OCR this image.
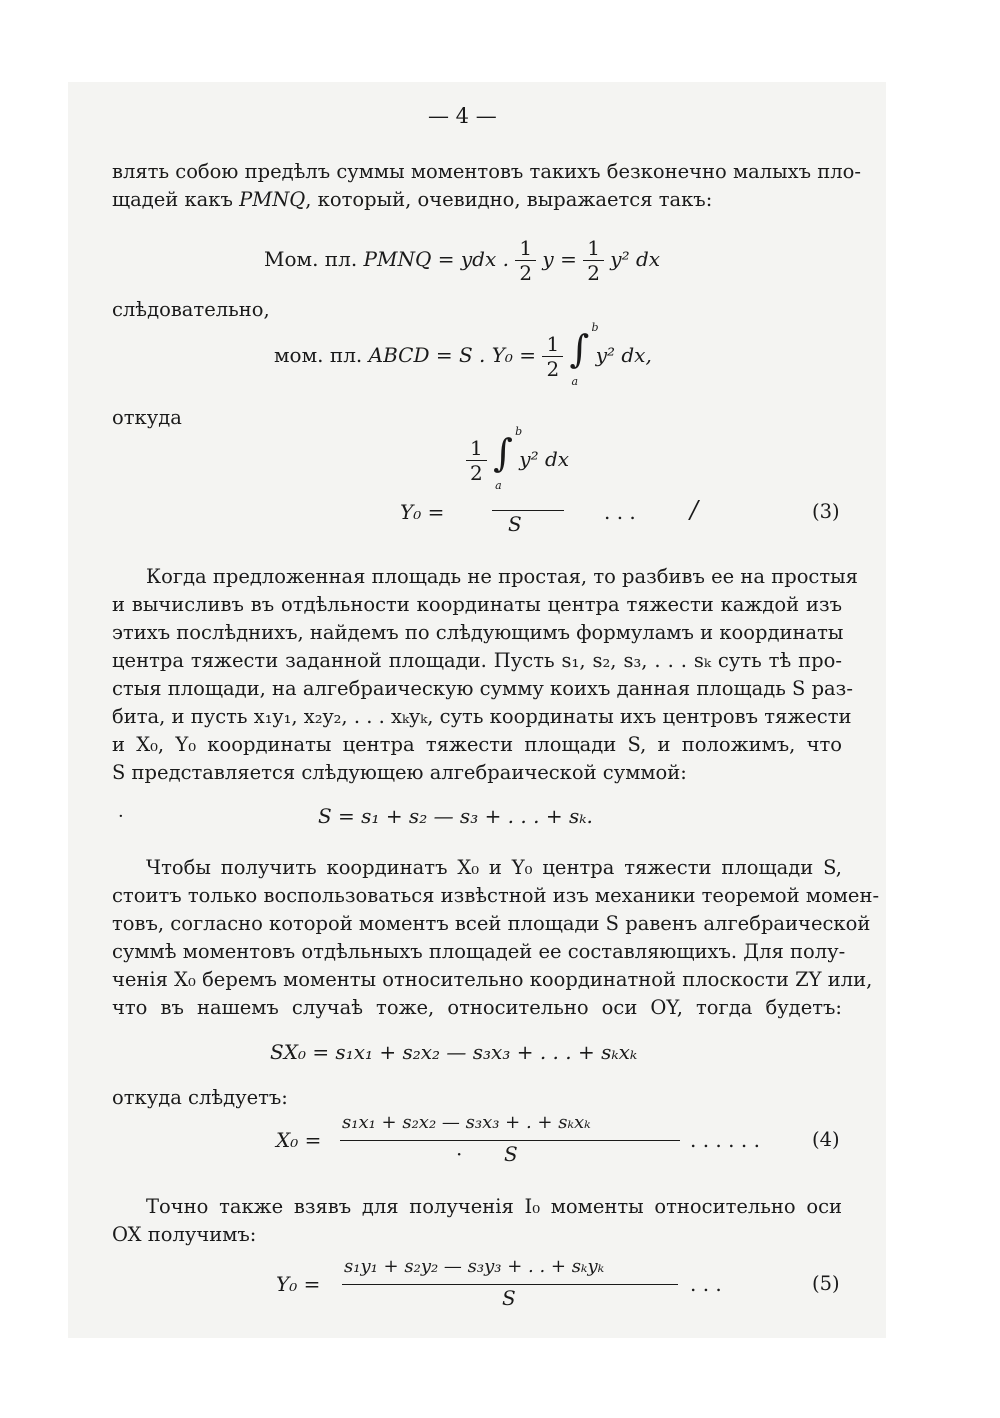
— 4 —
влять собою предѣлъ суммы моментовъ такихъ безконечно малыхъ пло-
щадей какъ PMNQ, который, очевидно, выражается такъ:
Мом. пл. PMNQ = ydx . $\frac{1}{2}$ $y = \frac{1}{2} y^2$ dx
слѣдовательно,
мом. пл. ABCD = S . $Y_0 = \frac{1}{2}$ ∫ b
a
y² dx,
откуда
Y₀ =
$\frac{1}{2}$ ∫ b
a
y² dx
S	. . . /	(3)
Когда предложенная площадь не простая, то разбивъ ее на простыя
и вычисливъ въ отдѣльности координаты центра тяжести каждой изъ
этихъ послѣднихъ, найдемъ по слѣдующимъ формуламъ и координаты
центра тяжести заданной площади. Пусть s₁, s₂, s₃, . . . sₖ суть тѣ про-
стыя площади, на алгебраическую сумму коихъ данная площадь S раз-
бита, и пусть x₁y₁, x₂y₂, . . . xₖyₖ, суть координаты ихъ центровъ тяжести
и X₀, Y₀ координаты центра тяжести площади S, и положимъ, что
S представляется слѣдующею алгебраической суммой:
·	S = s₁ + s₂ — s₃ + . . . + sₖ.
Чтобы получить координатъ X₀ и Y₀ центра тяжести площади S,
стоитъ только воспользоваться извѣстной изъ механики теоремой момен-
товъ, согласно которой моментъ всей площади S равенъ алгебраической
суммѣ моментовъ отдѣльныхъ площадей ее составляющихъ. Для полу-
ченія X₀ беремъ моменты относительно координатной плоскости ZY или,
что въ нашемъ случаѣ тоже, относительно оси OY, тогда будетъ:
SX₀ = s₁x₁ + s₂x₂ — s₃x₃ + . . . + sₖxₖ
откуда слѣдуетъ:
X₀ =
s₁x₁ + s₂x₂ — s₃x₃ + . + sₖxₖ
· S
. . . . . .	(4)
Точно также взявъ для полученія I₀ моменты относительно оси
OX получимъ:
Y₀ =
s₁y₁ + s₂y₂ — s₃y₃ + . . + sₖyₖ
S
. . .	(5)
